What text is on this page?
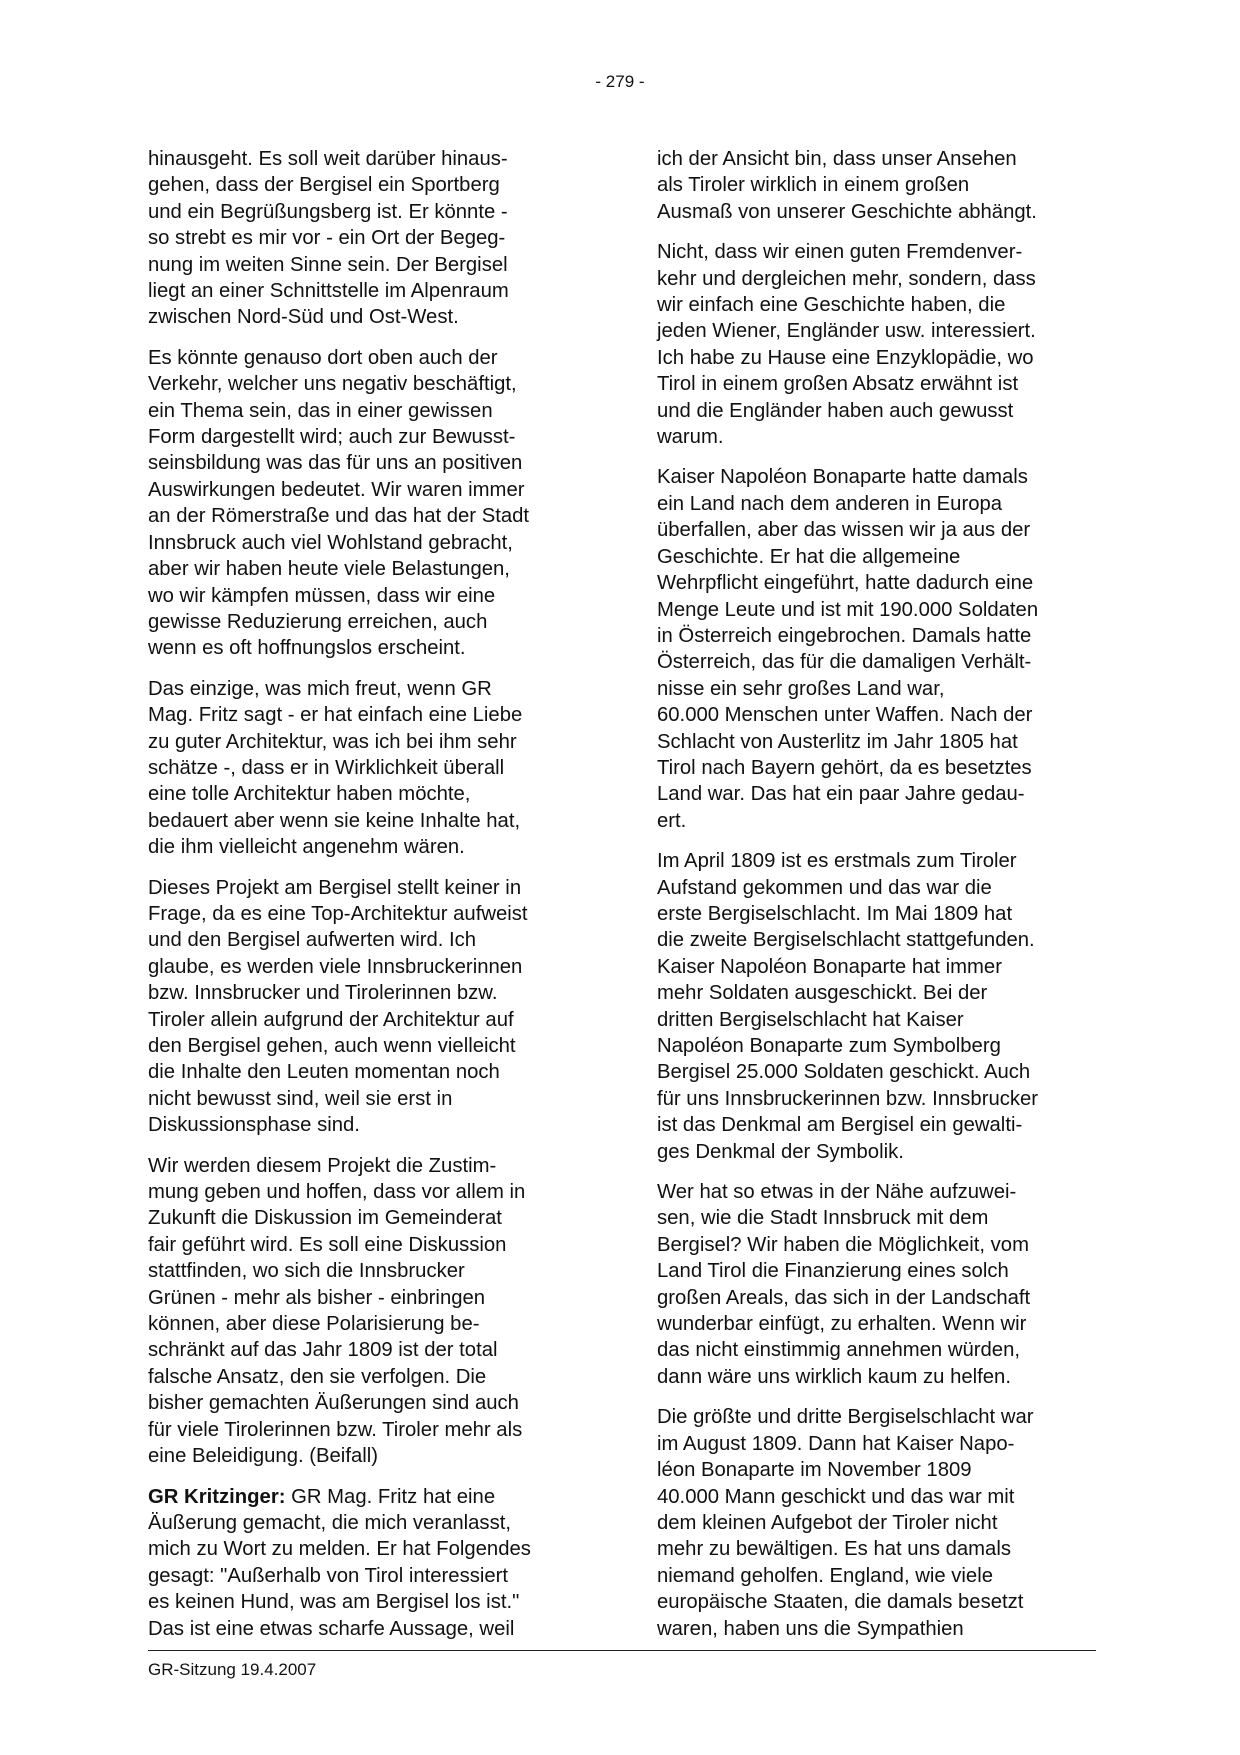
- 279 -

hinausgeht. Es soll weit darüber hinaus-
gehen, dass der Bergisel ein Sportberg
und ein Begrüßungsberg ist. Er könnte -
so strebt es mir vor - ein Ort der Begeg-
nung im weiten Sinne sein. Der Bergisel
liegt an einer Schnittstelle im Alpenraum
zwischen Nord-Süd und Ost-West.

Es könnte genauso dort oben auch der
Verkehr, welcher uns negativ beschäftigt,
ein Thema sein, das in einer gewissen
Form dargestellt wird; auch zur Bewusst-
seinsbildung was das für uns an positiven
Auswirkungen bedeutet. Wir waren immer
an der Römerstraße und das hat der Stadt
Innsbruck auch viel Wohlstand gebracht,
aber wir haben heute viele Belastungen,
wo wir kämpfen müssen, dass wir eine
gewisse Reduzierung erreichen, auch
wenn es oft hoffnungslos erscheint.

Das einzige, was mich freut, wenn GR
Mag. Fritz sagt - er hat einfach eine Liebe
zu guter Architektur, was ich bei ihm sehr
schätze -, dass er in Wirklichkeit überall
eine tolle Architektur haben möchte,
bedauert aber wenn sie keine Inhalte hat,
die ihm vielleicht angenehm wären.

Dieses Projekt am Bergisel stellt keiner in
Frage, da es eine Top-Architektur aufweist
und den Bergisel aufwerten wird. Ich
glaube, es werden viele Innsbruckerinnen
bzw. Innsbrucker und Tirolerinnen bzw.
Tiroler allein aufgrund der Architektur auf
den Bergisel gehen, auch wenn vielleicht
die Inhalte den Leuten momentan noch
nicht bewusst sind, weil sie erst in
Diskussionsphase sind.

Wir werden diesem Projekt die Zustim-
mung geben und hoffen, dass vor allem in
Zukunft die Diskussion im Gemeinderat
fair geführt wird. Es soll eine Diskussion
stattfinden, wo sich die Innsbrucker
Grünen - mehr als bisher - einbringen
können, aber diese Polarisierung be-
schränkt auf das Jahr 1809 ist der total
falsche Ansatz, den sie verfolgen. Die
bisher gemachten Äußerungen sind auch
für viele Tirolerinnen bzw. Tiroler mehr als
eine Beleidigung. (Beifall)

GR Kritzinger: GR Mag. Fritz hat eine
Äußerung gemacht, die mich veranlasst,
mich zu Wort zu melden. Er hat Folgendes
gesagt: "Außerhalb von Tirol interessiert
es keinen Hund, was am Bergisel los ist."
Das ist eine etwas scharfe Aussage, weil

ich der Ansicht bin, dass unser Ansehen
als Tiroler wirklich in einem großen
Ausmaß von unserer Geschichte abhängt.

Nicht, dass wir einen guten Fremdenver-
kehr und dergleichen mehr, sondern, dass
wir einfach eine Geschichte haben, die
jeden Wiener, Engländer usw. interessiert.
Ich habe zu Hause eine Enzyklopädie, wo
Tirol in einem großen Absatz erwähnt ist
und die Engländer haben auch gewusst
warum.

Kaiser Napoléon Bonaparte hatte damals
ein Land nach dem anderen in Europa
überfallen, aber das wissen wir ja aus der
Geschichte. Er hat die allgemeine
Wehrpflicht eingeführt, hatte dadurch eine
Menge Leute und ist mit 190.000 Soldaten
in Österreich eingebrochen. Damals hatte
Österreich, das für die damaligen Verhält-
nisse ein sehr großes Land war,
60.000 Menschen unter Waffen. Nach der
Schlacht von Austerlitz im Jahr 1805 hat
Tirol nach Bayern gehört, da es besetztes
Land war. Das hat ein paar Jahre gedau-
ert.

Im April 1809 ist es erstmals zum Tiroler
Aufstand gekommen und das war die
erste Bergiselschlacht. Im Mai 1809 hat
die zweite Bergiselschlacht stattgefunden.
Kaiser Napoléon Bonaparte hat immer
mehr Soldaten ausgeschickt. Bei der
dritten Bergiselschlacht hat Kaiser
Napoléon Bonaparte zum Symbolberg
Bergisel 25.000 Soldaten geschickt. Auch
für uns Innsbruckerinnen bzw. Innsbrucker
ist das Denkmal am Bergisel ein gewalti-
ges Denkmal der Symbolik.

Wer hat so etwas in der Nähe aufzuwei-
sen, wie die Stadt Innsbruck mit dem
Bergisel? Wir haben die Möglichkeit, vom
Land Tirol die Finanzierung eines solch
großen Areals, das sich in der Landschaft
wunderbar einfügt, zu erhalten. Wenn wir
das nicht einstimmig annehmen würden,
dann wäre uns wirklich kaum zu helfen.

Die größte und dritte Bergiselschlacht war
im August 1809. Dann hat Kaiser Napo-
léon Bonaparte im November 1809
40.000 Mann geschickt und das war mit
dem kleinen Aufgebot der Tiroler nicht
mehr zu bewältigen. Es hat uns damals
niemand geholfen. England, wie viele
europäische Staaten, die damals besetzt
waren, haben uns die Sympathien

GR-Sitzung 19.4.2007
